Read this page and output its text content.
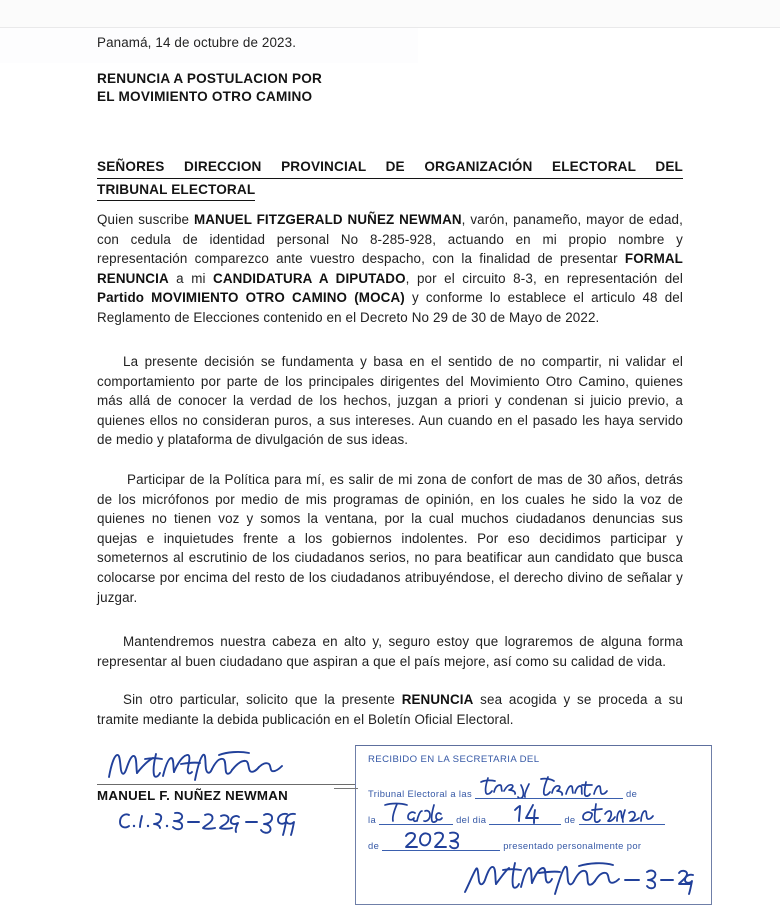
Panamá, 14 de octubre de 2023.
RENUNCIA A POSTULACION POR
EL MOVIMIENTO OTRO CAMINO
SEÑORES DIRECCION PROVINCIAL DE ORGANIZACIÓN ELECTORAL DEL
TRIBUNAL ELECTORAL

Quien suscribe MANUEL FITZGERALD NUÑEZ NEWMAN, varón, panameño, mayor de edad, con cedula de identidad personal No 8-285-928, actuando en mi propio nombre y representación comparezco ante vuestro despacho, con la finalidad de presentar FORMAL RENUNCIA a mi CANDIDATURA A DIPUTADO, por el circuito 8-3, en representación del Partido MOVIMIENTO OTRO CAMINO (MOCA) y conforme lo establece el articulo 48 del Reglamento de Elecciones contenido en el Decreto No 29 de 30 de Mayo de 2022.

La presente decisión se fundamenta y basa en el sentido de no compartir, ni validar el comportamiento por parte de los principales dirigentes del Movimiento Otro Camino, quienes más allá de conocer la verdad de los hechos, juzgan a priori y condenan si juicio previo, a quienes ellos no consideran puros, a sus intereses. Aun cuando en el pasado les haya servido de medio y plataforma de divulgación de sus ideas.

Participar de la Política para mí, es salir de mi zona de confort de mas de 30 años, detrás de los micrófonos por medio de mis programas de opinión, en los cuales he sido la voz de quienes no tienen voz y somos la ventana, por la cual muchos ciudadanos denuncias sus quejas e inquietudes frente a los gobiernos indolentes. Por eso decidimos participar y someternos al escrutinio de los ciudadanos serios, no para beatificar aun candidato que busca colocarse por encima del resto de los ciudadanos atribuyéndose, el derecho divino de señalar y juzgar.

Mantendremos nuestra cabeza en alto y, seguro estoy que lograremos de alguna forma representar al buen ciudadano que aspiran a que el país mejore, así como su calidad de vida.

Sin otro particular, solicito que la presente RENUNCIA sea acogida y se proceda a su tramite mediante la debida publicación en el Boletín Oficial Electoral.

MANUEL F. NUÑEZ NEWMAN
RECIBIDO EN LA SECRETARIA DEL
Tribunal Electoral a las	de
la	del dia	de
de	presentado personalmente por
